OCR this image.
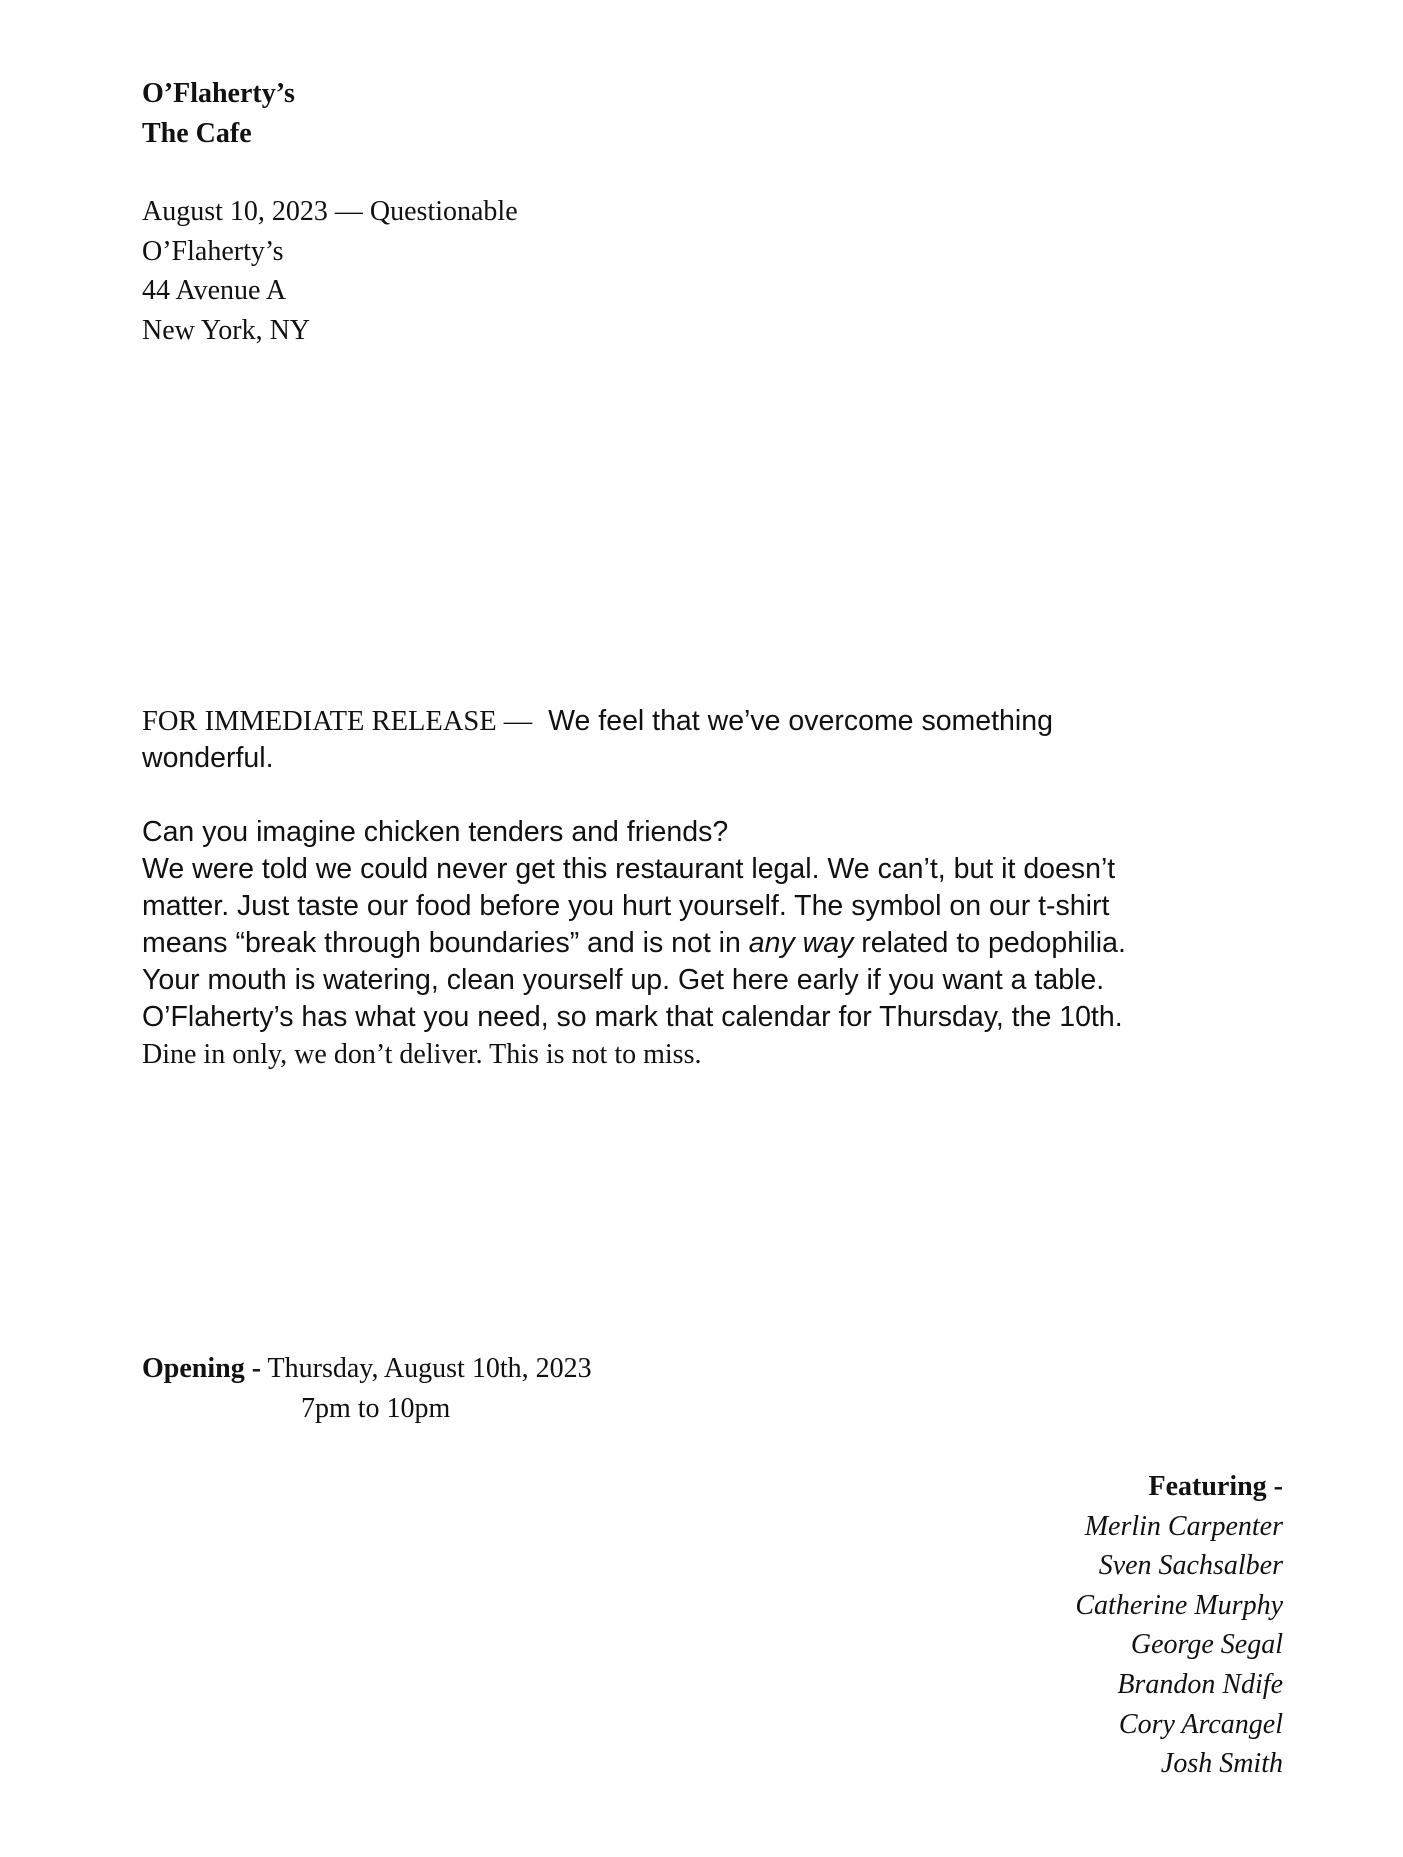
O’Flaherty’s
The Cafe
August 10, 2023 — Questionable
O’Flaherty’s
44 Avenue A
New York, NY
FOR IMMEDIATE RELEASE — We feel that we’ve overcome something
wonderful.
Can you imagine chicken tenders and friends?
We were told we could never get this restaurant legal. We can’t, but it doesn’t
matter. Just taste our food before you hurt yourself. The symbol on our t-shirt
means “break through boundaries” and is not in any way related to pedophilia.
Your mouth is watering, clean yourself up. Get here early if you want a table.
O’Flaherty’s has what you need, so mark that calendar for Thursday, the 10th.
Dine in only, we don’t deliver. This is not to miss.
Opening - Thursday, August 10th, 2023
7pm to 10pm
Featuring -
Merlin Carpenter
Sven Sachsalber
Catherine Murphy
George Segal
Brandon Ndife
Cory Arcangel
Josh Smith
